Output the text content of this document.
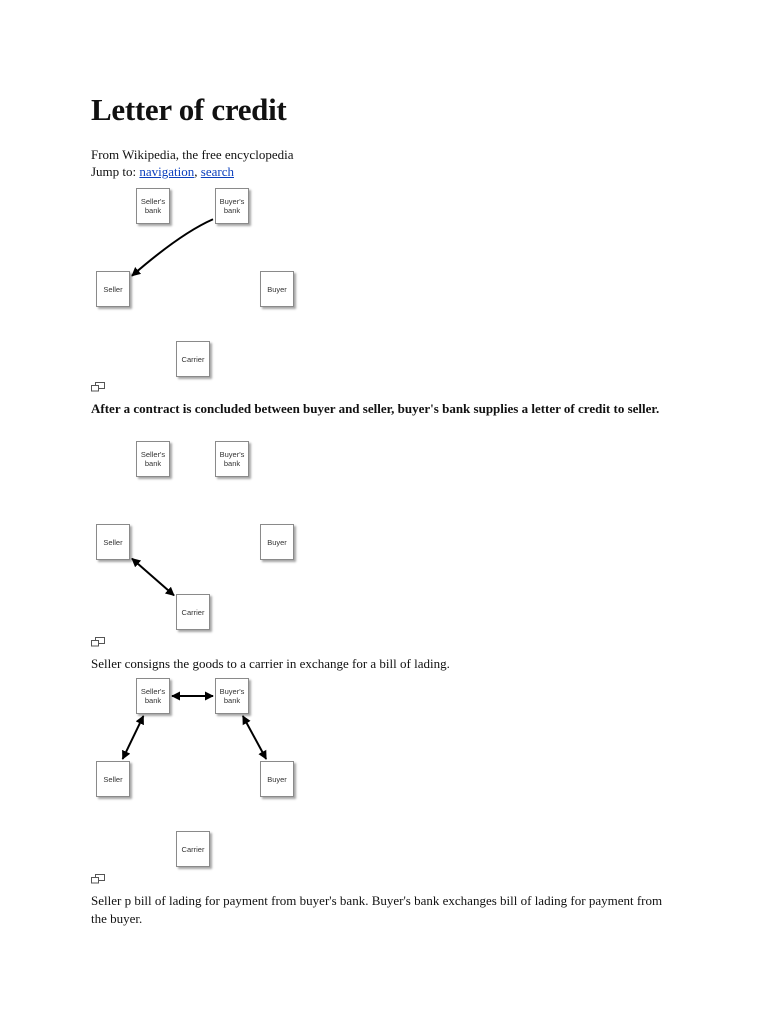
Letter of credit
From Wikipedia, the free encyclopedia
Jump to: navigation, search
Seller's bank
Buyer's bank
Seller	Buyer
Carrier
After a contract is concluded between buyer and seller, buyer's bank supplies a letter of credit to seller.
Seller's bank
Buyer's bank
Seller	Buyer
Carrier
Seller consigns the goods to a carrier in exchange for a bill of lading.
Seller's bank
Buyer's bank
Seller	Buyer
Carrier
Seller p bill of lading for payment from buyer's bank. Buyer's bank exchanges bill of lading for payment from the buyer.
